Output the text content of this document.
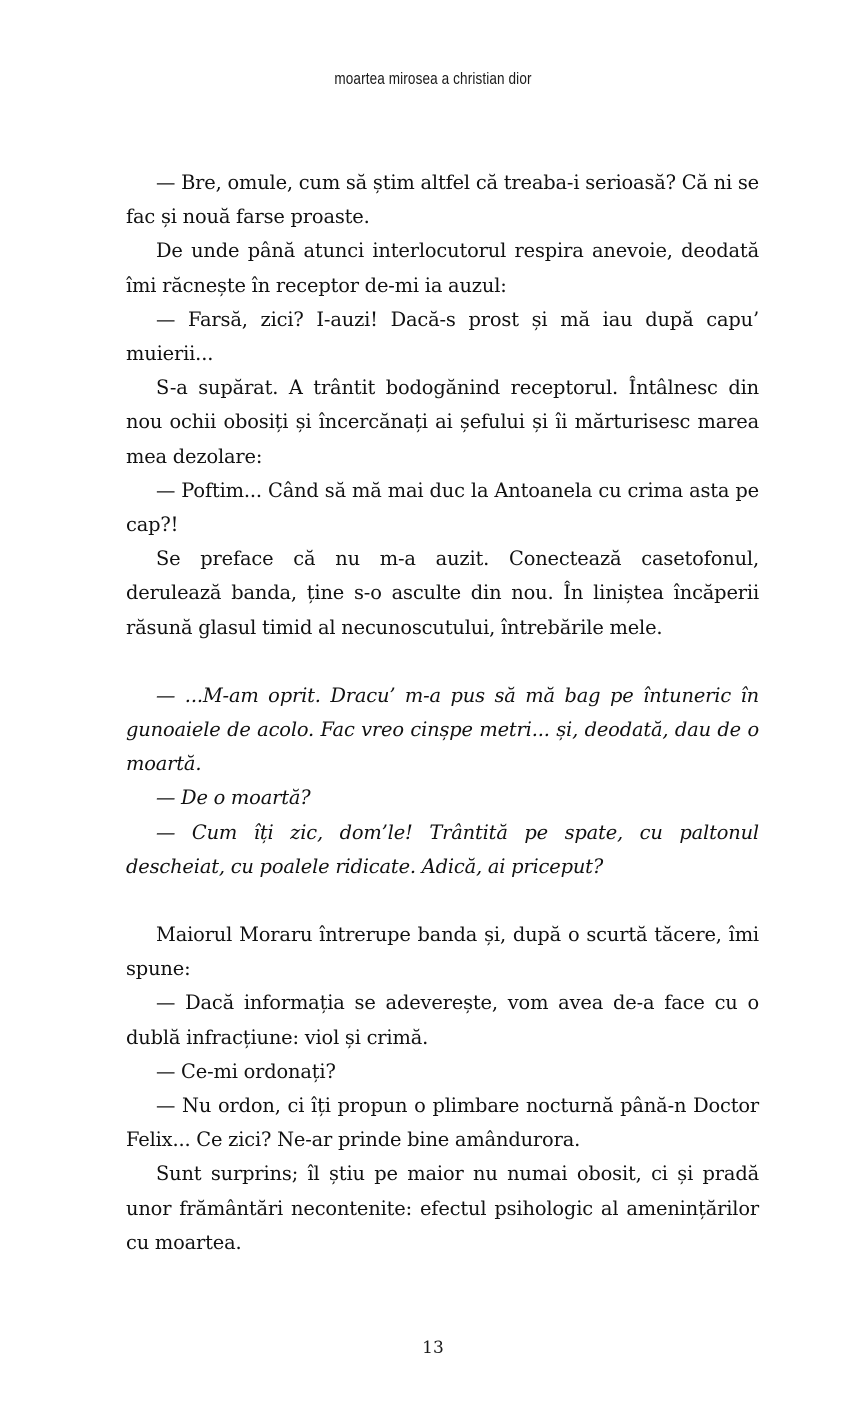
moartea mirosea a christian dior

— Bre, omule, cum să știm altfel că treaba-i serioasă? Că ni se fac și nouă farse proaste.

De unde până atunci interlocutorul respira anevoie, deodată îmi răcnește în receptor de-mi ia auzul:

— Farsă, zici? I-auzi! Dacă-s prost și mă iau după capu’ muierii...

S-a supărat. A trântit bodogănind receptorul. Întâlnesc din nou ochii obosiți și încercănați ai șefului și îi mărturisesc marea mea dezolare:

— Poftim... Când să mă mai duc la Antoanela cu crima asta pe cap?!

Se preface că nu m-a auzit. Conectează casetofonul, derulează banda, ține s-o asculte din nou. În liniștea încăperii răsună glasul timid al necunoscutului, întrebările mele.

— ...M-am oprit. Dracu’ m-a pus să mă bag pe întuneric în gunoaiele de acolo. Fac vreo cinșpe metri... și, deodată, dau de o moartă.

— De o moartă?

— Cum îți zic, dom’le! Trântită pe spate, cu paltonul descheiat, cu poalele ridicate. Adică, ai priceput?

Maiorul Moraru întrerupe banda și, după o scurtă tăcere, îmi spune:

— Dacă informația se adeverește, vom avea de-a face cu o dublă infracțiune: viol și crimă.

— Ce-mi ordonați?

— Nu ordon, ci îți propun o plimbare nocturnă până-n Doctor Felix... Ce zici? Ne-ar prinde bine amândurora.

Sunt surprins; îl știu pe maior nu numai obosit, ci și pradă unor frământări necontenite: efectul psihologic al amenințărilor cu moartea.

13
